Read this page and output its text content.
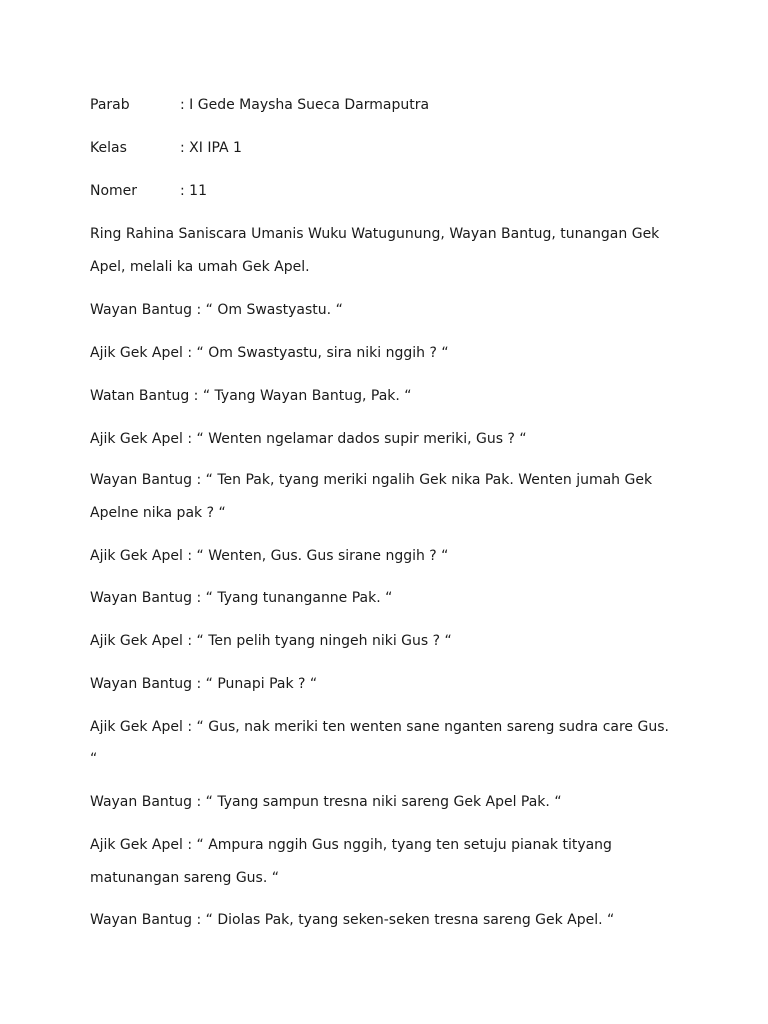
Parab	: I Gede Maysha Sueca Darmaputra
Kelas	: XI IPA 1
Nomer	: 11
Ring Rahina Saniscara Umanis Wuku Watugunung, Wayan Bantug, tunangan Gek
Apel, melali ka umah Gek Apel.
Wayan Bantug : “ Om Swastyastu. “
Ajik Gek Apel : “ Om Swastyastu, sira niki nggih ? “
Watan Bantug : “ Tyang Wayan Bantug, Pak. “
Ajik Gek Apel : “ Wenten ngelamar dados supir meriki, Gus ? “
Wayan Bantug : “ Ten Pak, tyang meriki ngalih Gek nika Pak. Wenten jumah Gek
Apelne nika pak ? “
Ajik Gek Apel : “ Wenten, Gus. Gus sirane nggih ? “
Wayan Bantug : “ Tyang tunanganne Pak. “
Ajik Gek Apel : “ Ten pelih tyang ningeh niki Gus ? “
Wayan Bantug : “ Punapi Pak ? “
Ajik Gek Apel : “ Gus, nak meriki ten wenten sane nganten sareng sudra care Gus.
“
Wayan Bantug : “ Tyang sampun tresna niki sareng Gek Apel Pak. “
Ajik Gek Apel : “ Ampura nggih Gus nggih, tyang ten setuju pianak tityang
matunangan sareng Gus. “
Wayan Bantug : “ Diolas Pak, tyang seken-seken tresna sareng Gek Apel. “
